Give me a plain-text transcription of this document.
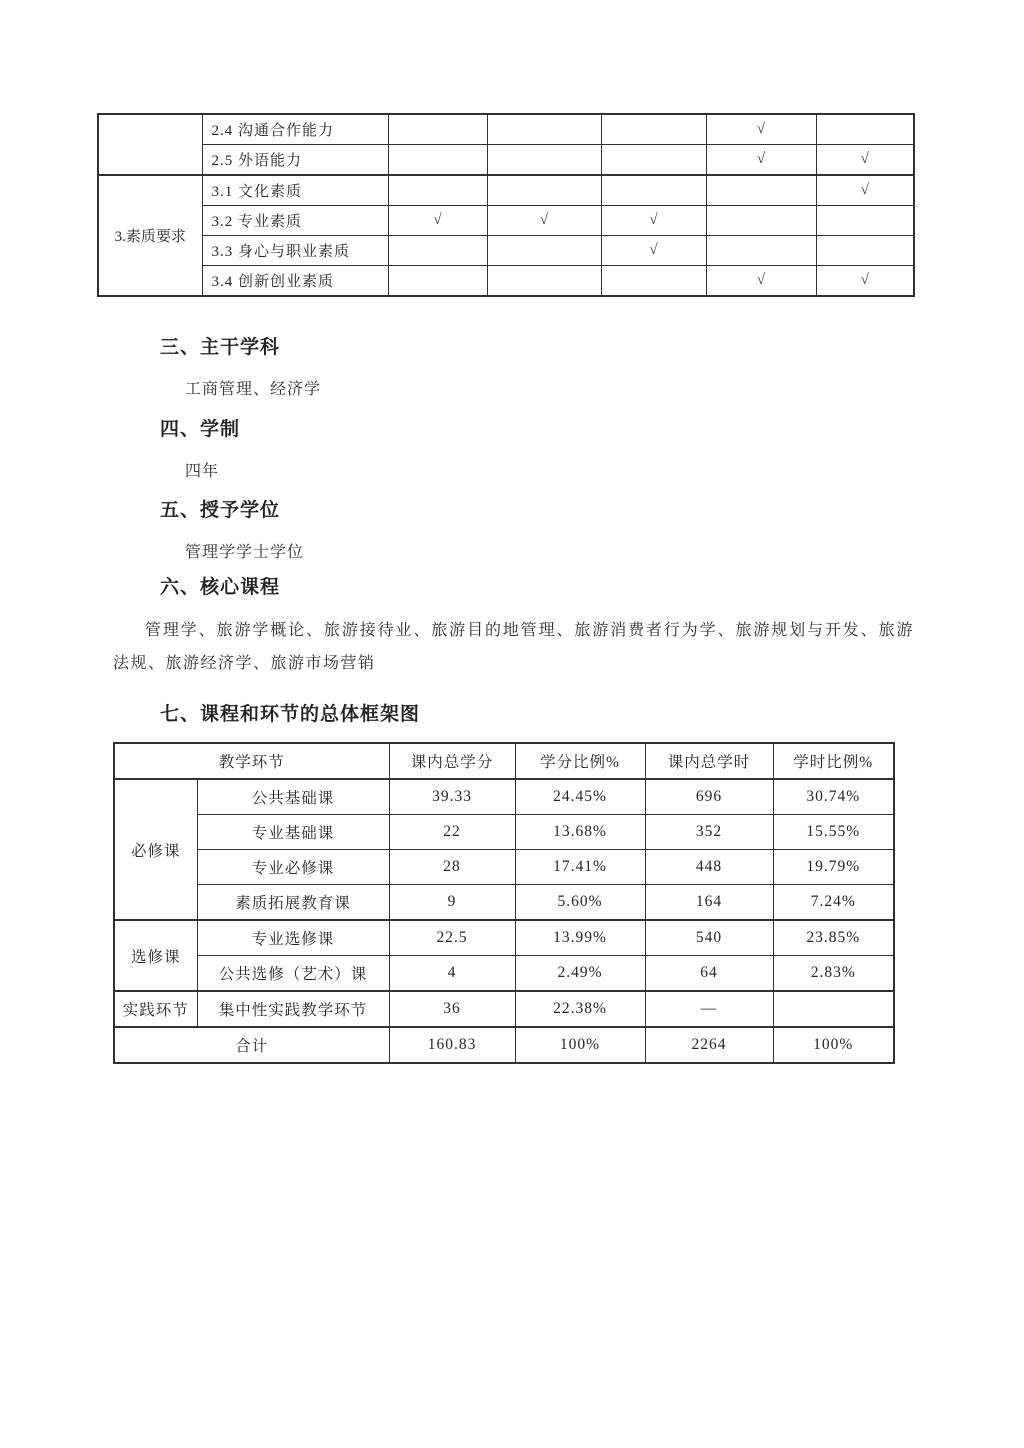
	2.4 沟通合作能力				√	
	2.5 外语能力				√	√
3.素质要求	3.1 文化素质					√
	3.2 专业素质	√	√	√		
	3.3 身心与职业素质			√		
	3.4 创新创业素质				√	√
三、主干学科
工商管理、经济学
四、学制
四年
五、授予学位
管理学学士学位
六、核心课程
管理学、旅游学概论、旅游接待业、旅游目的地管理、旅游消费者行为学、旅游规划与开发、旅游法规、旅游经济学、旅游市场营销
七、课程和环节的总体框架图
教学环节		课内总学分	学分比例%	课内总学时	学时比例%
必修课	公共基础课	39.33	24.45%	696	30.74%
	专业基础课	22	13.68%	352	15.55%
	专业必修课	28	17.41%	448	19.79%
	素质拓展教育课	9	5.60%	164	7.24%
选修课	专业选修课	22.5	13.99%	540	23.85%
	公共选修（艺术）课	4	2.49%	64	2.83%
实践环节	集中性实践教学环节	36	22.38%	—	
合计		160.83	100%	2264	100%
